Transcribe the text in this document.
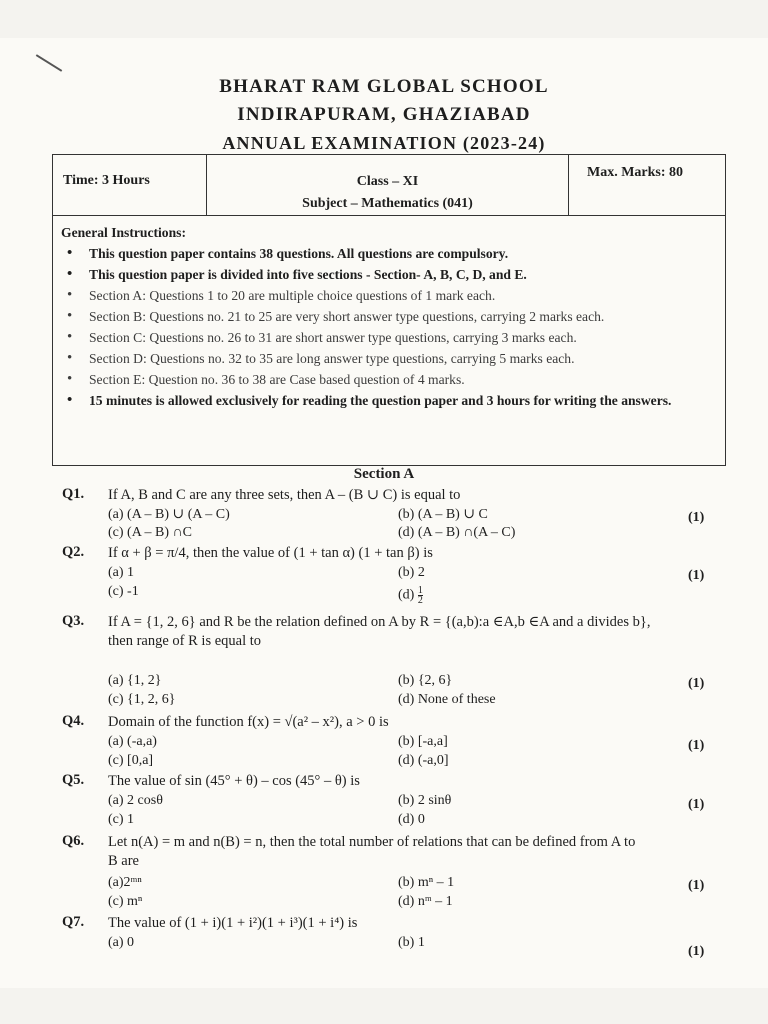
BHARAT RAM GLOBAL SCHOOL
INDIRAPURAM, GHAZIABAD
ANNUAL EXAMINATION (2023-24)
Time: 3 Hours	Class – XI
Subject – Mathematics (041)
Max. Marks: 80
General Instructions:
• This question paper contains 38 questions. All questions are compulsory.
• This question paper is divided into five sections - Section- A, B, C, D, and E.
• Section A: Questions 1 to 20 are multiple choice questions of 1 mark each.
• Section B: Questions no. 21 to 25 are very short answer type questions, carrying 2 marks each.
• Section C: Questions no. 26 to 31 are short answer type questions, carrying 3 marks each.
• Section D: Questions no. 32 to 35 are long answer type questions, carrying 5 marks each.
• Section E: Question no. 36 to 38 are Case based question of 4 marks.
• 15 minutes is allowed exclusively for reading the question paper and 3 hours for writing the answers.
Section A
Q1. If A, B and C are any three sets, then A – (B ∪ C) is equal to
(a) (A – B) ∪ (A – C)	(b) (A – B) ∪ C
(c) (A – B) ∩C	(d) (A – B) ∩(A – C)
(1)
Q2. If α + β = π/4, then the value of (1 + tan α) (1 + tan β) is
(a) 1	(b) 2
(c) -1	$(d) \frac{1}{2}$
(1)
Q3. If A = {1, 2, 6} and R be the relation defined on A by R = {(a,b):a ∈A,b ∈A and a divides b}, then range of R is equal to
(a) {1, 2}	(b) {2, 6}
(c) {1, 2, 6}	(d) None of these
(1)
Q4. Domain of the function f(x) = √(a² – x²), a > 0 is
(a) (-a,a)	(b) [-a,a]
(c) [0,a]	(d) (-a,0]
(1)
Q5. The value of sin (45° + θ) – cos (45° – θ) is
(a) 2 cosθ	(b) 2 sinθ
(c) 1	(d) 0
(1)
Q6. Let n(A) = m and n(B) = n, then the total number of relations that can be defined from A to B are
(a)2ᵐⁿ	(b) mⁿ – 1
(c) mⁿ	(d) nᵐ – 1
(1)
Q7. The value of (1 + i)(1 + i²)(1 + i³)(1 + i⁴) is
(a) 0	(b) 1
(1)
